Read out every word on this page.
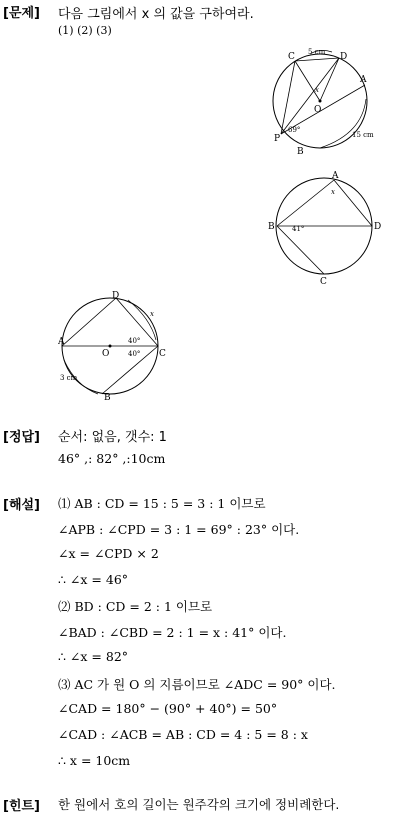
[문제] 다음 그림에서 x 의 값을 구하여라.
(1) (2) (3)
C	D
A
O
P
B
5 cm
15 cm
69°
x
A
B	D
C
x
41°
D
A
O	C
B
x
40°
40°
3 cm
[정답] 순서: 없음, 갯수: 1
46° ,: 82° ,:10cm
[해설] ⑴ AB : CD = 15 : 5 = 3 : 1 이므로
∠APB : ∠CPD = 3 : 1 = 69° : 23° 이다.
∠x = ∠CPD × 2
∴ ∠x = 46°
⑵ BD : CD = 2 : 1 이므로
∠BAD : ∠CBD = 2 : 1 = x : 41° 이다.
∴ ∠x = 82°
⑶ AC 가 원 O 의 지름이므로 ∠ADC = 90° 이다.
∠CAD = 180° − (90° + 40°) = 50°
∠CAD : ∠ACB = AB : CD = 4 : 5 = 8 : x
∴ x = 10cm
[힌트] 한 원에서 호의 길이는 원주각의 크기에 정비례한다.
